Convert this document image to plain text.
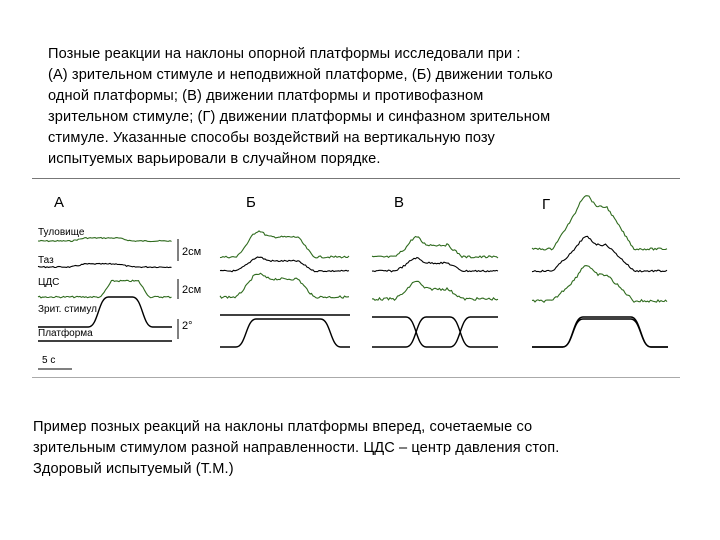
Позные реакции на наклоны опорной платформы исследовали при :
(А) зрительном стимуле и неподвижной платформе, (Б) движении только
одной платформы; (В) движении платформы и противофазном
зрительном стимуле; (Г) движении платформы и синфазном зрительном
стимуле. Указанные способы воздействий на вертикальную позу
испытуемых варьировали в случайном порядке.

А	Б	В	Г
Туловище
Таз
ЦДС
Зрит. стимул
Платформа
2см
2см
2°
5 с

Пример позных реакций на наклоны платформы вперед, сочетаемые со
зрительным стимулом разной направленности. ЦДС – центр давления стоп.
Здоровый испытуемый (Т.М.)
